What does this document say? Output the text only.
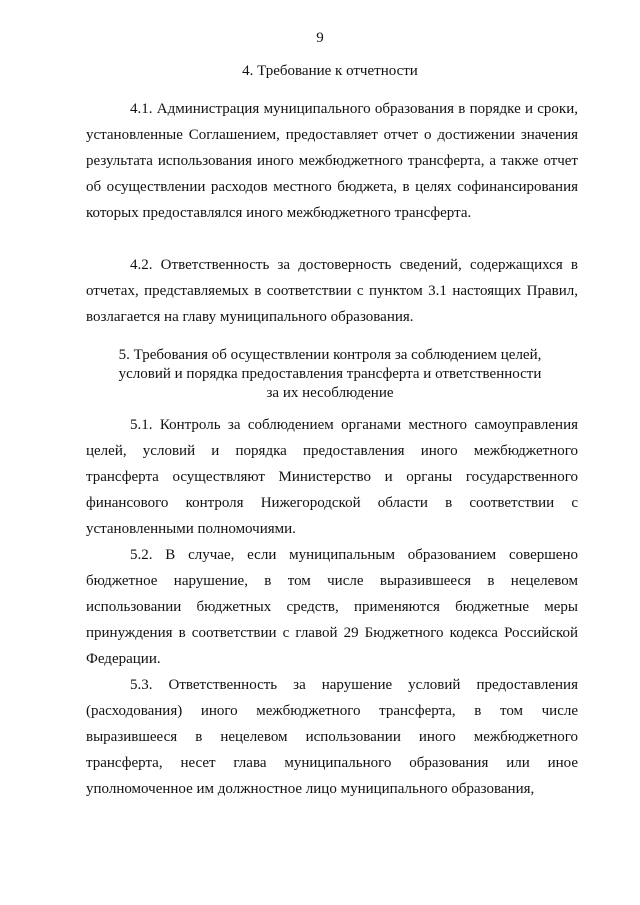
9
4. Требование к отчетности

4.1. Администрация муниципального образования в порядке и сроки, установленные Соглашением, предоставляет отчет о достижении значения результата использования иного межбюджетного трансферта, а также отчет об осуществлении расходов местного бюджета, в целях софинансирования которых предоставлялся иного межбюджетного трансферта.

4.2. Ответственность за достоверность сведений, содержащихся в отчетах, представляемых в соответствии с пунктом 3.1 настоящих Правил, возлагается на главу муниципального образования.

5. Требования об осуществлении контроля за соблюдением целей,
условий и порядка предоставления трансферта и ответственности
за их несоблюдение

5.1. Контроль за соблюдением органами местного самоуправления целей, условий и порядка предоставления иного межбюджетного трансферта осуществляют Министерство и органы государственного финансового контроля Нижегородской области в соответствии с установленными полномочиями.

5.2. В случае, если муниципальным образованием совершено бюджетное нарушение, в том числе выразившееся в нецелевом использовании бюджетных средств, применяются бюджетные меры принуждения в соответствии с главой 29 Бюджетного кодекса Российской Федерации.

5.3. Ответственность за нарушение условий предоставления (расходования) иного межбюджетного трансферта, в том числе выразившееся в нецелевом использовании иного межбюджетного трансферта, несет глава муниципального образования или иное уполномоченное им должностное лицо муниципального образования,
